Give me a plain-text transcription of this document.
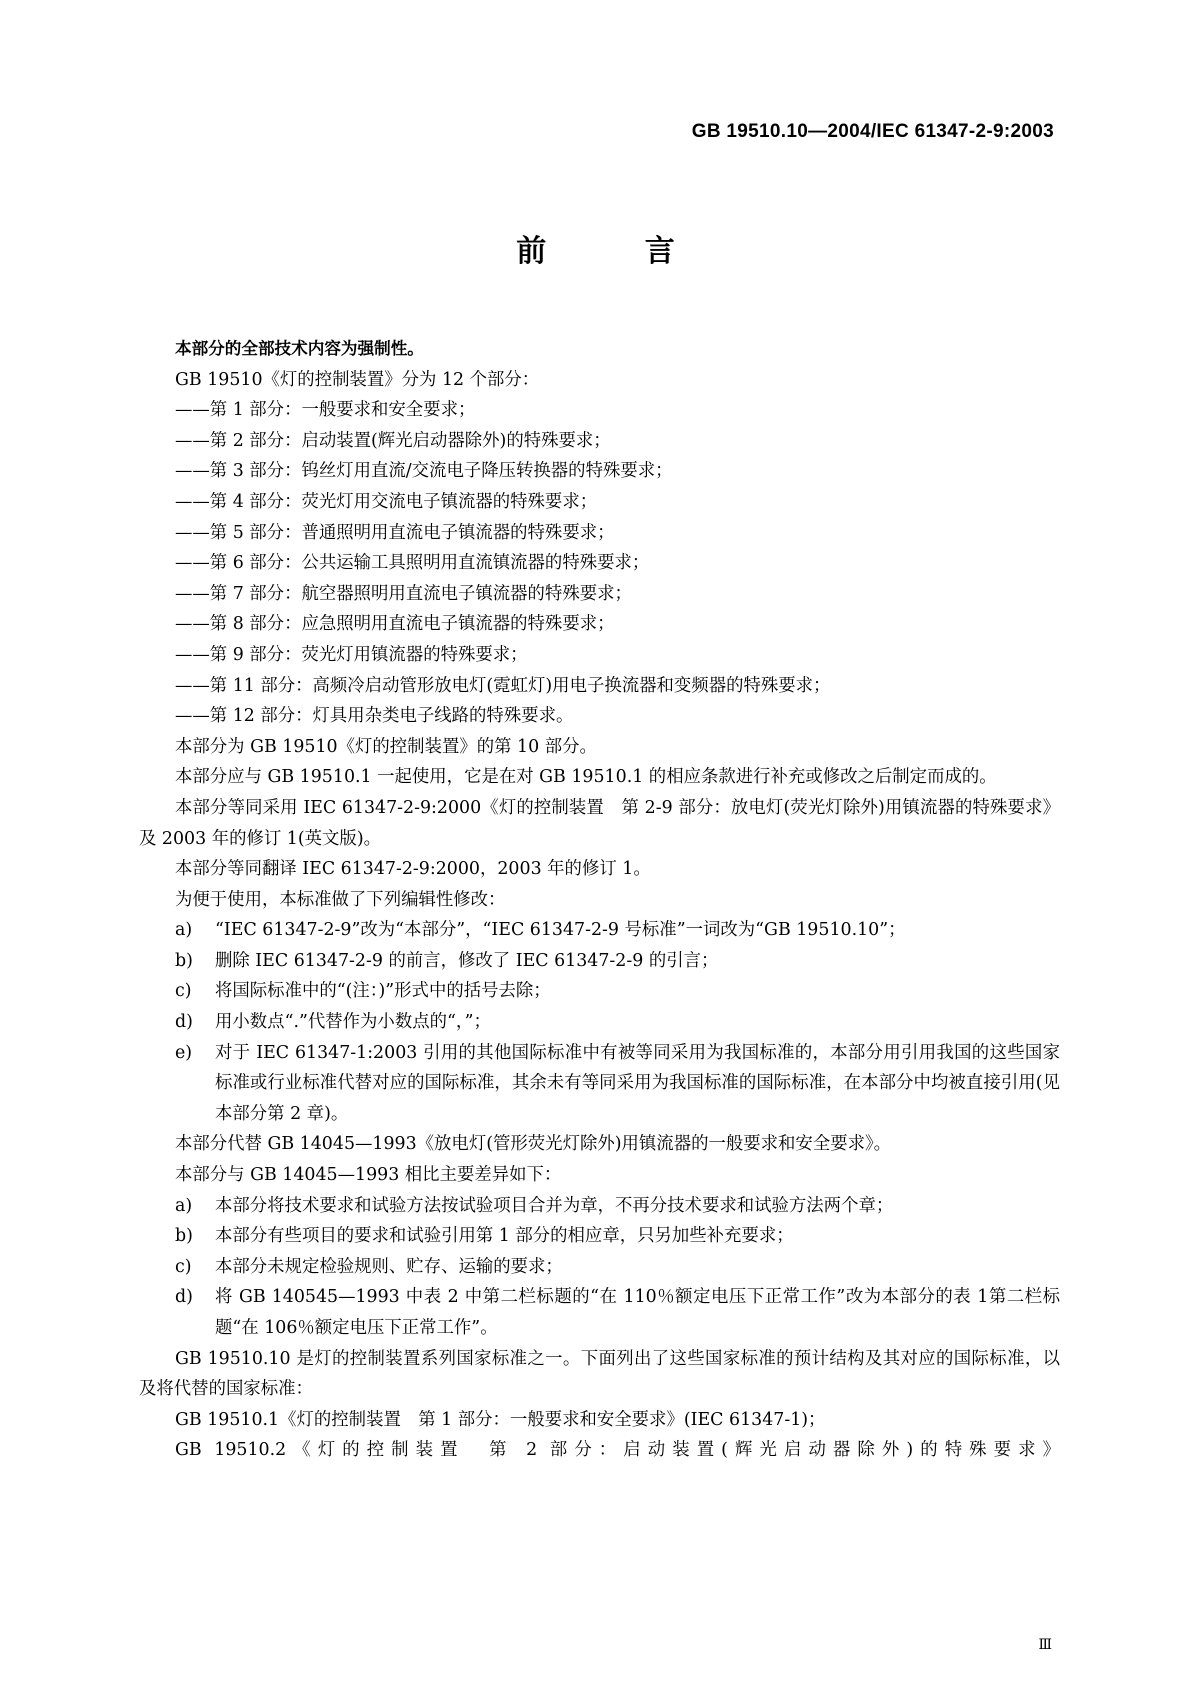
GB 19510.10—2004/IEC 61347-2-9:2003
前 言

本部分的全部技术内容为强制性。

GB 19510《灯的控制装置》分为 12 个部分：

——第 1 部分：一般要求和安全要求；

——第 2 部分：启动装置(辉光启动器除外)的特殊要求；

——第 3 部分：钨丝灯用直流/交流电子降压转换器的特殊要求；

——第 4 部分：荧光灯用交流电子镇流器的特殊要求；

——第 5 部分：普通照明用直流电子镇流器的特殊要求；

——第 6 部分：公共运输工具照明用直流镇流器的特殊要求；

——第 7 部分：航空器照明用直流电子镇流器的特殊要求；

——第 8 部分：应急照明用直流电子镇流器的特殊要求；

——第 9 部分：荧光灯用镇流器的特殊要求；

——第 11 部分：高频冷启动管形放电灯(霓虹灯)用电子换流器和变频器的特殊要求；

——第 12 部分：灯具用杂类电子线路的特殊要求。

本部分为 GB 19510《灯的控制装置》的第 10 部分。

本部分应与 GB 19510.1 一起使用，它是在对 GB 19510.1 的相应条款进行补充或修改之后制定而成的。

本部分等同采用 IEC 61347-2-9:2000《灯的控制装置　第 2-9 部分：放电灯(荧光灯除外)用镇流器的特殊要求》及 2003 年的修订 1(英文版)。

本部分等同翻译 IEC 61347-2-9:2000，2003 年的修订 1。

为便于使用，本标准做了下列编辑性修改：

a)	“IEC 61347-2-9”改为“本部分”，“IEC 61347-2-9 号标准”一词改为“GB 19510.10”；
b)	删除 IEC 61347-2-9 的前言，修改了 IEC 61347-2-9 的引言；
c)	将国际标准中的“(注：)”形式中的括号去除；
d)	用小数点“.”代替作为小数点的“，”；
e)	对于 IEC 61347-1:2003 引用的其他国际标准中有被等同采用为我国标准的，本部分用引用我国的这些国家标准或行业标准代替对应的国际标准，其余未有等同采用为我国标准的国际标准，在本部分中均被直接引用(见本部分第 2 章)。

本部分代替 GB 14045—1993《放电灯(管形荧光灯除外)用镇流器的一般要求和安全要求》。

本部分与 GB 14045—1993 相比主要差异如下：

a)	本部分将技术要求和试验方法按试验项目合并为章，不再分技术要求和试验方法两个章；
b)	本部分有些项目的要求和试验引用第 1 部分的相应章，只另加些补充要求；
c)	本部分未规定检验规则、贮存、运输的要求；
d)	将 GB 140545—1993 中表 2 中第二栏标题的“在 110％额定电压下正常工作”改为本部分的表 1第二栏标题“在 106％额定电压下正常工作”。

GB 19510.10 是灯的控制装置系列国家标准之一。下面列出了这些国家标准的预计结构及其对应的国际标准，以及将代替的国家标准：

GB 19510.1《灯的控制装置　第 1 部分：一般要求和安全要求》(IEC 61347-1)；

GB 19510.2《灯的控制装置　第 2 部分：启动装置(辉光启动器除外)的特殊要求》

Ⅲ
